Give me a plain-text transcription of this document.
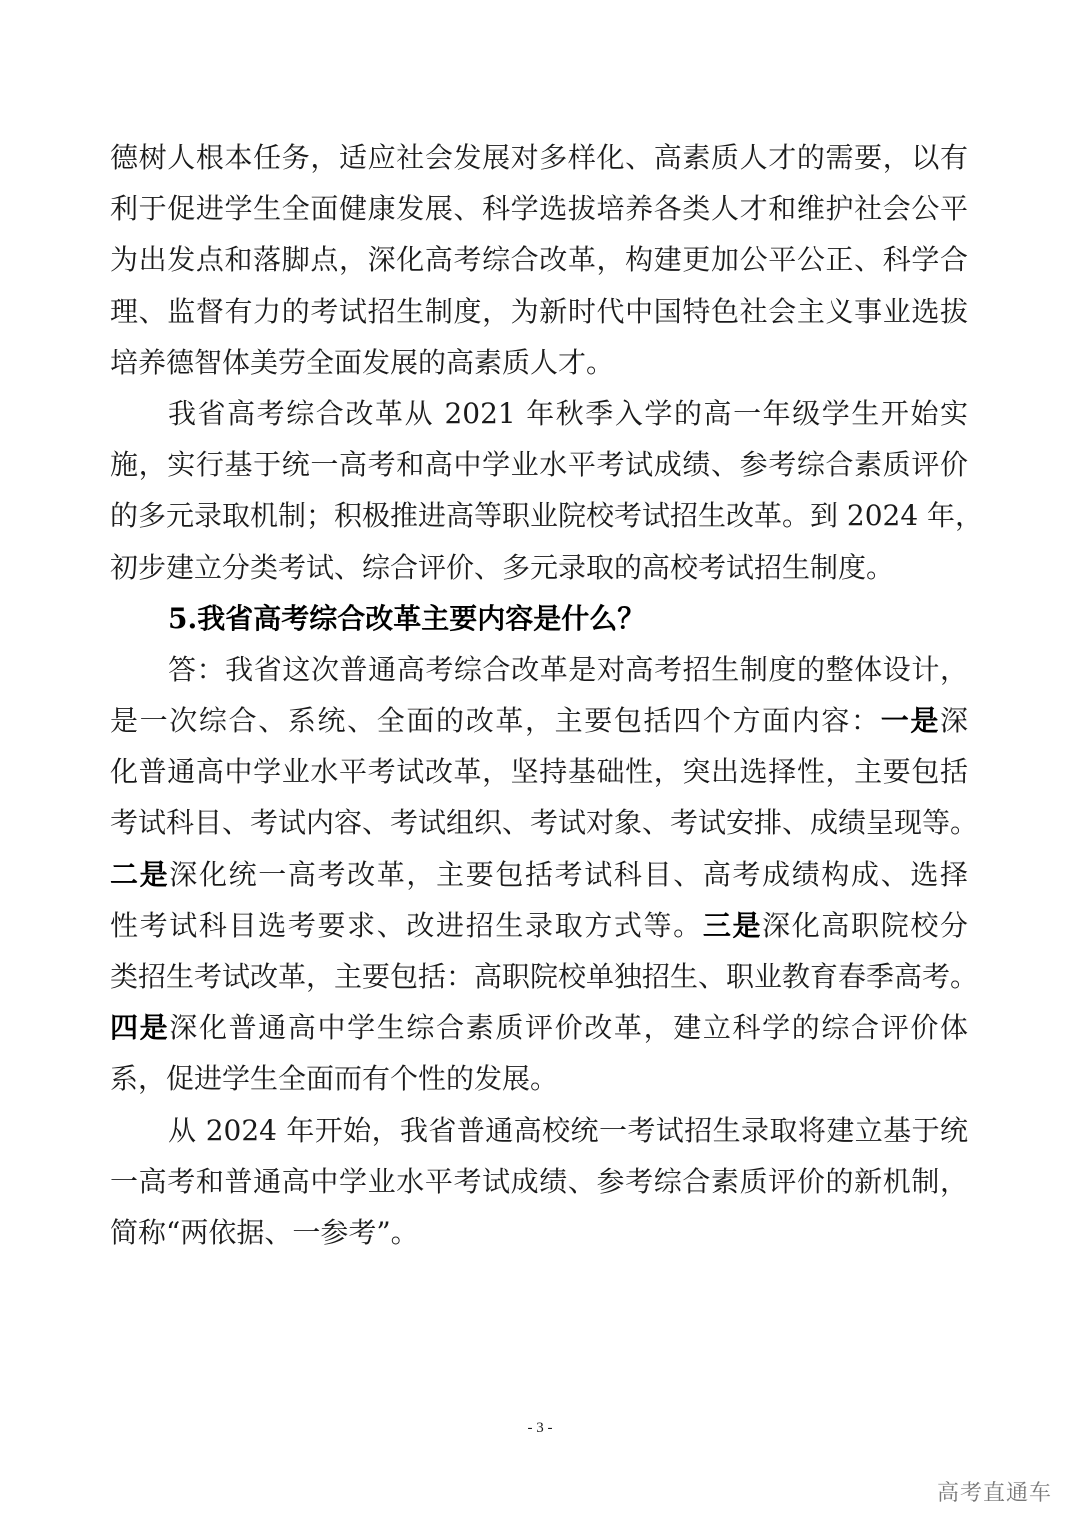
德树人根本任务，适应社会发展对多样化、高素质人才的需要，以有
利于促进学生全面健康发展、科学选拔培养各类人才和维护社会公平
为出发点和落脚点，深化高考综合改革，构建更加公平公正、科学合
理、监督有力的考试招生制度，为新时代中国特色社会主义事业选拔
培养德智体美劳全面发展的高素质人才。
我省高考综合改革从 2021 年秋季入学的高一年级学生开始实
施，实行基于统一高考和高中学业水平考试成绩、参考综合素质评价
的多元录取机制；积极推进高等职业院校考试招生改革。到 2024 年，
初步建立分类考试、综合评价、多元录取的高校考试招生制度。
5.我省高考综合改革主要内容是什么？
答：我省这次普通高考综合改革是对高考招生制度的整体设计，
是一次综合、系统、全面的改革，主要包括四个方面内容：一是深
化普通高中学业水平考试改革，坚持基础性，突出选择性，主要包括
考试科目、考试内容、考试组织、考试对象、考试安排、成绩呈现等。
二是深化统一高考改革，主要包括考试科目、高考成绩构成、选择
性考试科目选考要求、改进招生录取方式等。三是深化高职院校分
类招生考试改革，主要包括：高职院校单独招生、职业教育春季高考。
四是深化普通高中学生综合素质评价改革，建立科学的综合评价体
系，促进学生全面而有个性的发展。
从 2024 年开始，我省普通高校统一考试招生录取将建立基于统
一高考和普通高中学业水平考试成绩、参考综合素质评价的新机制，
简称“两依据、一参考”。
- 3 -
高考直通车
